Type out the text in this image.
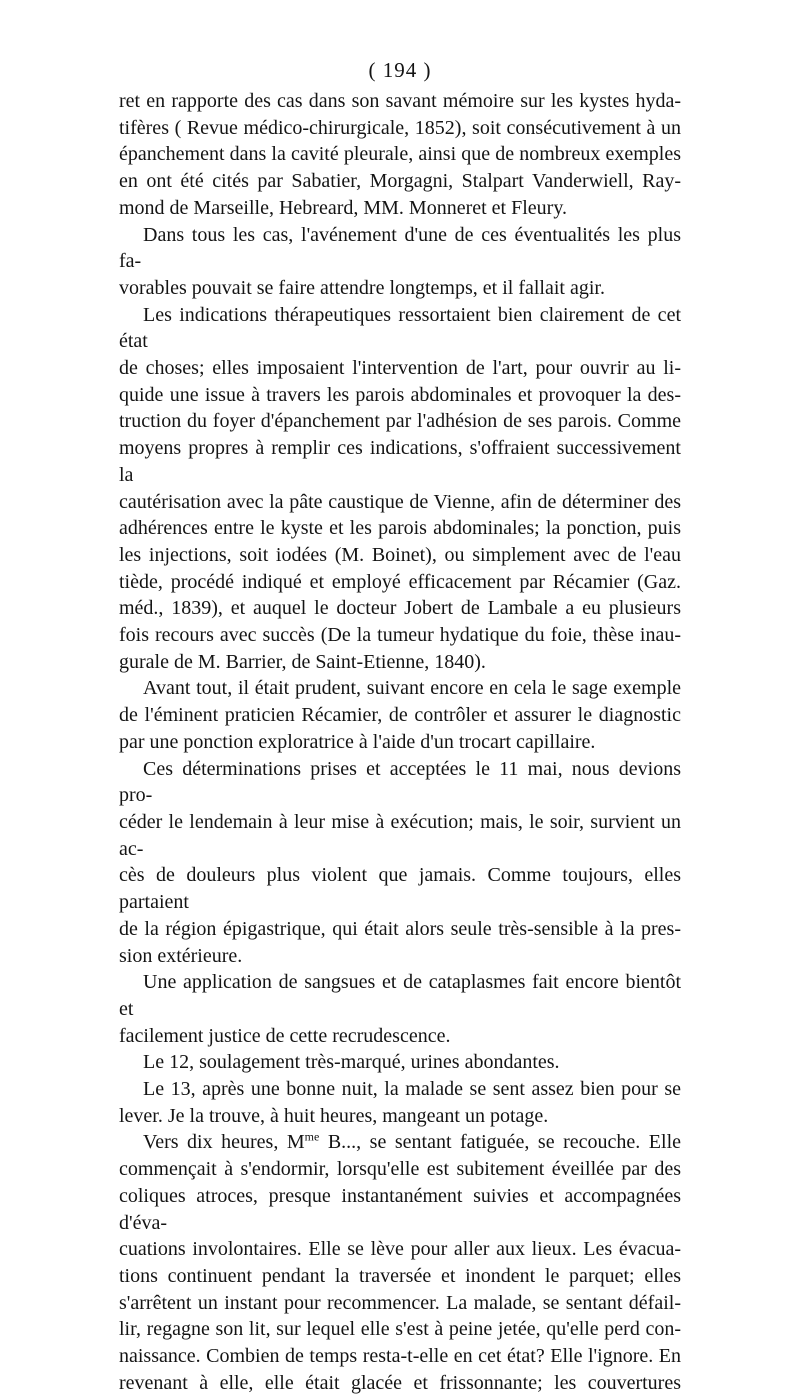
( 194 )
ret en rapporte des cas dans son savant mémoire sur les kystes hyda-
tifères ( Revue médico-chirurgicale, 1852), soit consécutivement à un
épanchement dans la cavité pleurale, ainsi que de nombreux exemples
en ont été cités par Sabatier, Morgagni, Stalpart Vanderwiell, Ray-
mond de Marseille, Hebreard, MM. Monneret et Fleury.
Dans tous les cas, l'avénement d'une de ces éventualités les plus fa-
vorables pouvait se faire attendre longtemps, et il fallait agir.
Les indications thérapeutiques ressortaient bien clairement de cet état
de choses; elles imposaient l'intervention de l'art, pour ouvrir au li-
quide une issue à travers les parois abdominales et provoquer la des-
truction du foyer d'épanchement par l'adhésion de ses parois. Comme
moyens propres à remplir ces indications, s'offraient successivement la
cautérisation avec la pâte caustique de Vienne, afin de déterminer des
adhérences entre le kyste et les parois abdominales; la ponction, puis
les injections, soit iodées (M. Boinet), ou simplement avec de l'eau
tiède, procédé indiqué et employé efficacement par Récamier (Gaz.
méd., 1839), et auquel le docteur Jobert de Lambale a eu plusieurs
fois recours avec succès (De la tumeur hydatique du foie, thèse inau-
gurale de M. Barrier, de Saint-Etienne, 1840).
Avant tout, il était prudent, suivant encore en cela le sage exemple
de l'éminent praticien Récamier, de contrôler et assurer le diagnostic
par une ponction exploratrice à l'aide d'un trocart capillaire.
Ces déterminations prises et acceptées le 11 mai, nous devions pro-
céder le lendemain à leur mise à exécution; mais, le soir, survient un ac-
cès de douleurs plus violent que jamais. Comme toujours, elles partaient
de la région épigastrique, qui était alors seule très-sensible à la pres-
sion extérieure.
Une application de sangsues et de cataplasmes fait encore bientôt et
facilement justice de cette recrudescence.
Le 12, soulagement très-marqué, urines abondantes.
Le 13, après une bonne nuit, la malade se sent assez bien pour se
lever. Je la trouve, à huit heures, mangeant un potage.
Vers dix heures, $M^{me}$ B..., se sentant fatiguée, se recouche. Elle
commençait à s'endormir, lorsqu'elle est subitement éveillée par des
coliques atroces, presque instantanément suivies et accompagnées d'éva-
cuations involontaires. Elle se lève pour aller aux lieux. Les évacua-
tions continuent pendant la traversée et inondent le parquet; elles
s'arrêtent un instant pour recommencer. La malade, se sentant défail-
lir, regagne son lit, sur lequel elle s'est à peine jetée, qu'elle perd con-
naissance. Combien de temps resta-t-elle en cet état? Elle l'ignore. En
revenant à elle, elle était glacée et frissonnante; les couvertures
